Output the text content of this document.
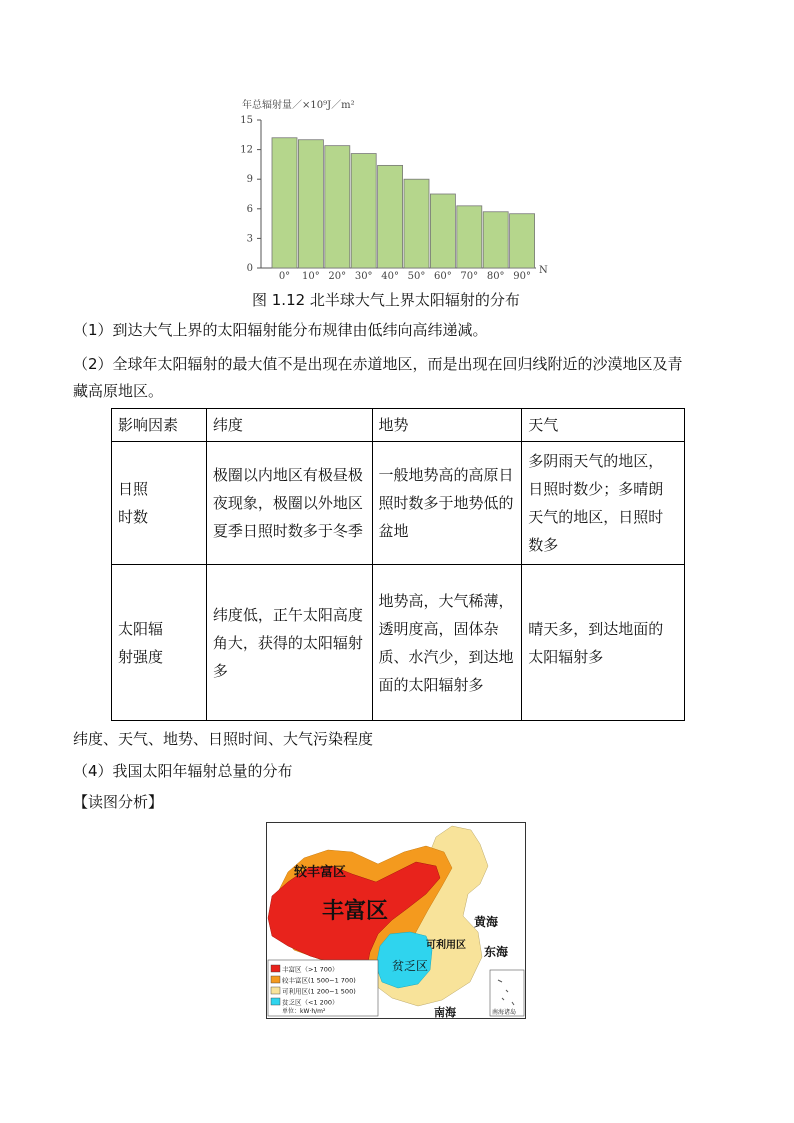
年总辐射量／×10⁹J／m²
0
3
6
9
12
15
0° 10° 20° 30° 40° 50° 60° 70° 80° 90°
N
图 1.12 北半球大气上界太阳辐射的分布
（1）到达大气上界的太阳辐射能分布规律由低纬向高纬递减。
（2）全球年太阳辐射的最大值不是出现在赤道地区，而是出现在回归线附近的沙漠地区及青
藏高原地区。
影响因素	纬度	地势	天气
日照
时数	极圈以内地区有极昼极夜现象，极圈以外地区夏季日照时数多于冬季	一般地势高的高原日照时数多于地势低的盆地	多阴雨天气的地区，日照时数少；多晴朗天气的地区，日照时数多
太阳辐
射强度	纬度低，正午太阳高度角大，获得的太阳辐射多	地势高，大气稀薄，透明度高，固体杂质、水汽少，到达地面的太阳辐射多	晴天多，到达地面的太阳辐射多
纬度、天气、地势、日照时间、大气污染程度
（4）我国太阳年辐射总量的分布
【读图分析】
较丰富区
丰富区
可利用区
贫乏区
黄海
东海
南海
丰富区（>1 700）
较丰富区(1 500~1 700)
可利用区(1 200~1 500)
贫乏区（<1 200）
单位：kW·h/m²	南海诸岛
